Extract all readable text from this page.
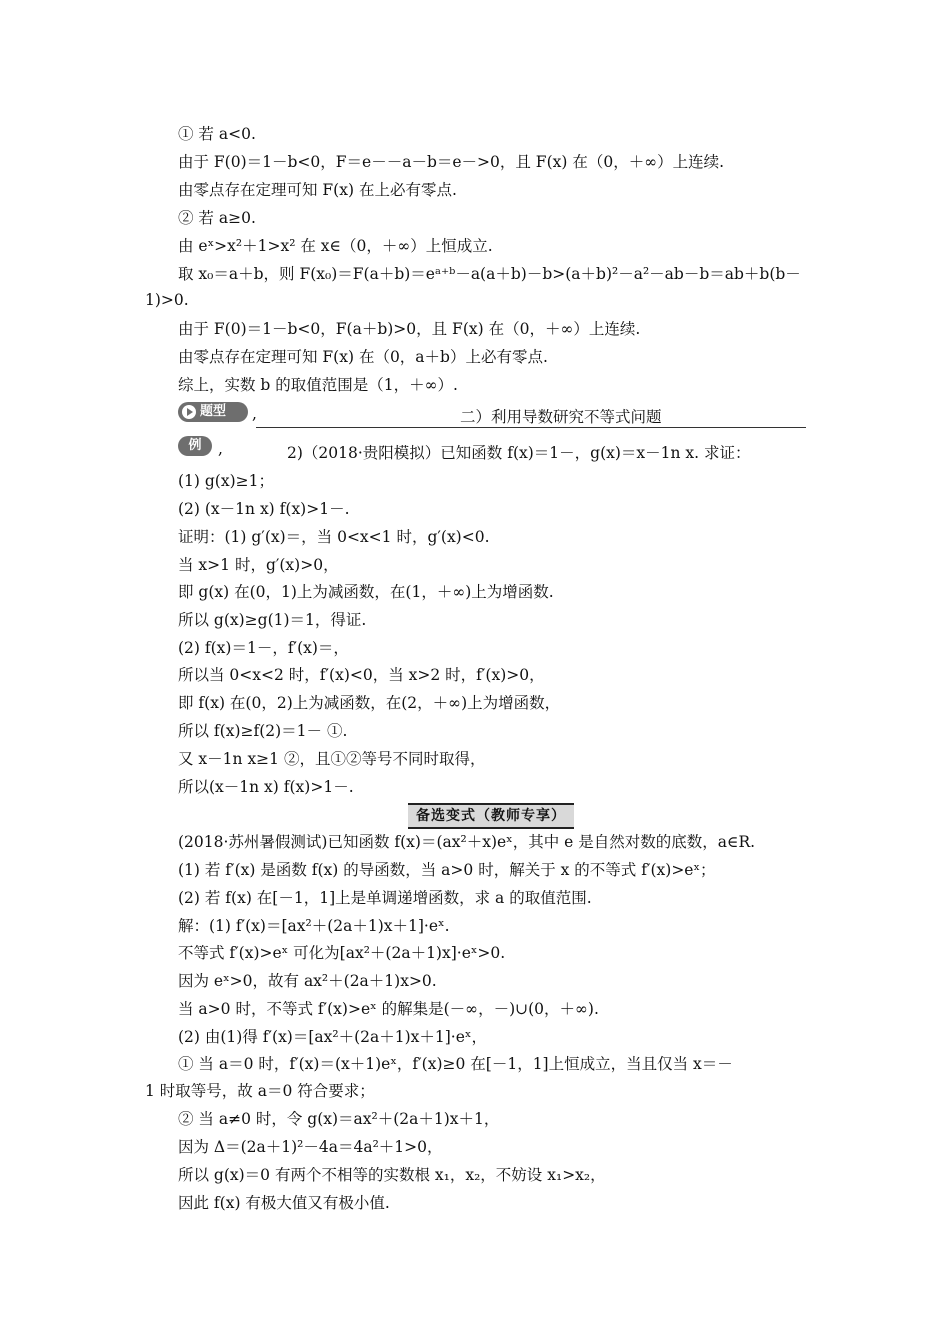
① 若 a<0.
由于 F(0)＝1－b<0，F＝e－－a－b＝e－>0，且 F(x) 在（0，＋∞）上连续.
由零点存在定理可知 F(x) 在上必有零点.
② 若 a≥0.
由 eˣ>x²＋1>x² 在 x∈（0，＋∞）上恒成立.
取 x₀＝a＋b，则 F(x₀)＝F(a＋b)＝eᵃ⁺ᵇ－a(a＋b)－b>(a＋b)²－a²－ab－b＝ab＋b(b－
1)>0.
由于 F(0)＝1－b<0，F(a＋b)>0，且 F(x) 在（0，＋∞）上连续.
由零点存在定理可知 F(x) 在（0，a＋b）上必有零点.
综上，实数 b 的取值范围是（1，＋∞）.
题型 ,	二）利用导数研究不等式问题
例	,	2)（2018·贵阳模拟）已知函数 f(x)＝1－，g(x)＝x－1n x. 求证：
(1) g(x)≥1；
(2) (x－1n x) f(x)>1－.
证明：(1) g′(x)＝，当 0<x<1 时，g′(x)<0.
当 x>1 时，g′(x)>0，
即 g(x) 在(0，1)上为减函数，在(1，＋∞)上为增函数.
所以 g(x)≥g(1)＝1，得证.
(2) f(x)＝1－，f′(x)＝，
所以当 0<x<2 时，f′(x)<0，当 x>2 时，f′(x)>0，
即 f(x) 在(0，2)上为减函数，在(2，＋∞)上为增函数，
所以 f(x)≥f(2)＝1－ ①.
又 x－1n x≥1 ②，且①②等号不同时取得，
所以(x－1n x) f(x)>1－.
备选变式（教师专享）
(2018·苏州暑假测试)已知函数 f(x)＝(ax²＋x)eˣ，其中 e 是自然对数的底数，a∈R.
(1) 若 f′(x) 是函数 f(x) 的导函数，当 a>0 时，解关于 x 的不等式 f′(x)>eˣ；
(2) 若 f(x) 在[－1，1]上是单调递增函数，求 a 的取值范围.
解：(1) f′(x)＝[ax²＋(2a＋1)x＋1]·eˣ.
不等式 f′(x)>eˣ 可化为[ax²＋(2a＋1)x]·eˣ>0.
因为 eˣ>0，故有 ax²＋(2a＋1)x>0.
当 a>0 时，不等式 f′(x)>eˣ 的解集是(－∞，－)∪(0，＋∞).
(2) 由(1)得 f′(x)＝[ax²＋(2a＋1)x＋1]·eˣ，
① 当 a＝0 时，f′(x)＝(x＋1)eˣ，f′(x)≥0 在[－1，1]上恒成立，当且仅当 x＝－
1 时取等号，故 a＝0 符合要求；
② 当 a≠0 时，令 g(x)＝ax²＋(2a＋1)x＋1，
因为 Δ＝(2a＋1)²－4a＝4a²＋1>0，
所以 g(x)＝0 有两个不相等的实数根 x₁，x₂，不妨设 x₁>x₂，
因此 f(x) 有极大值又有极小值.
